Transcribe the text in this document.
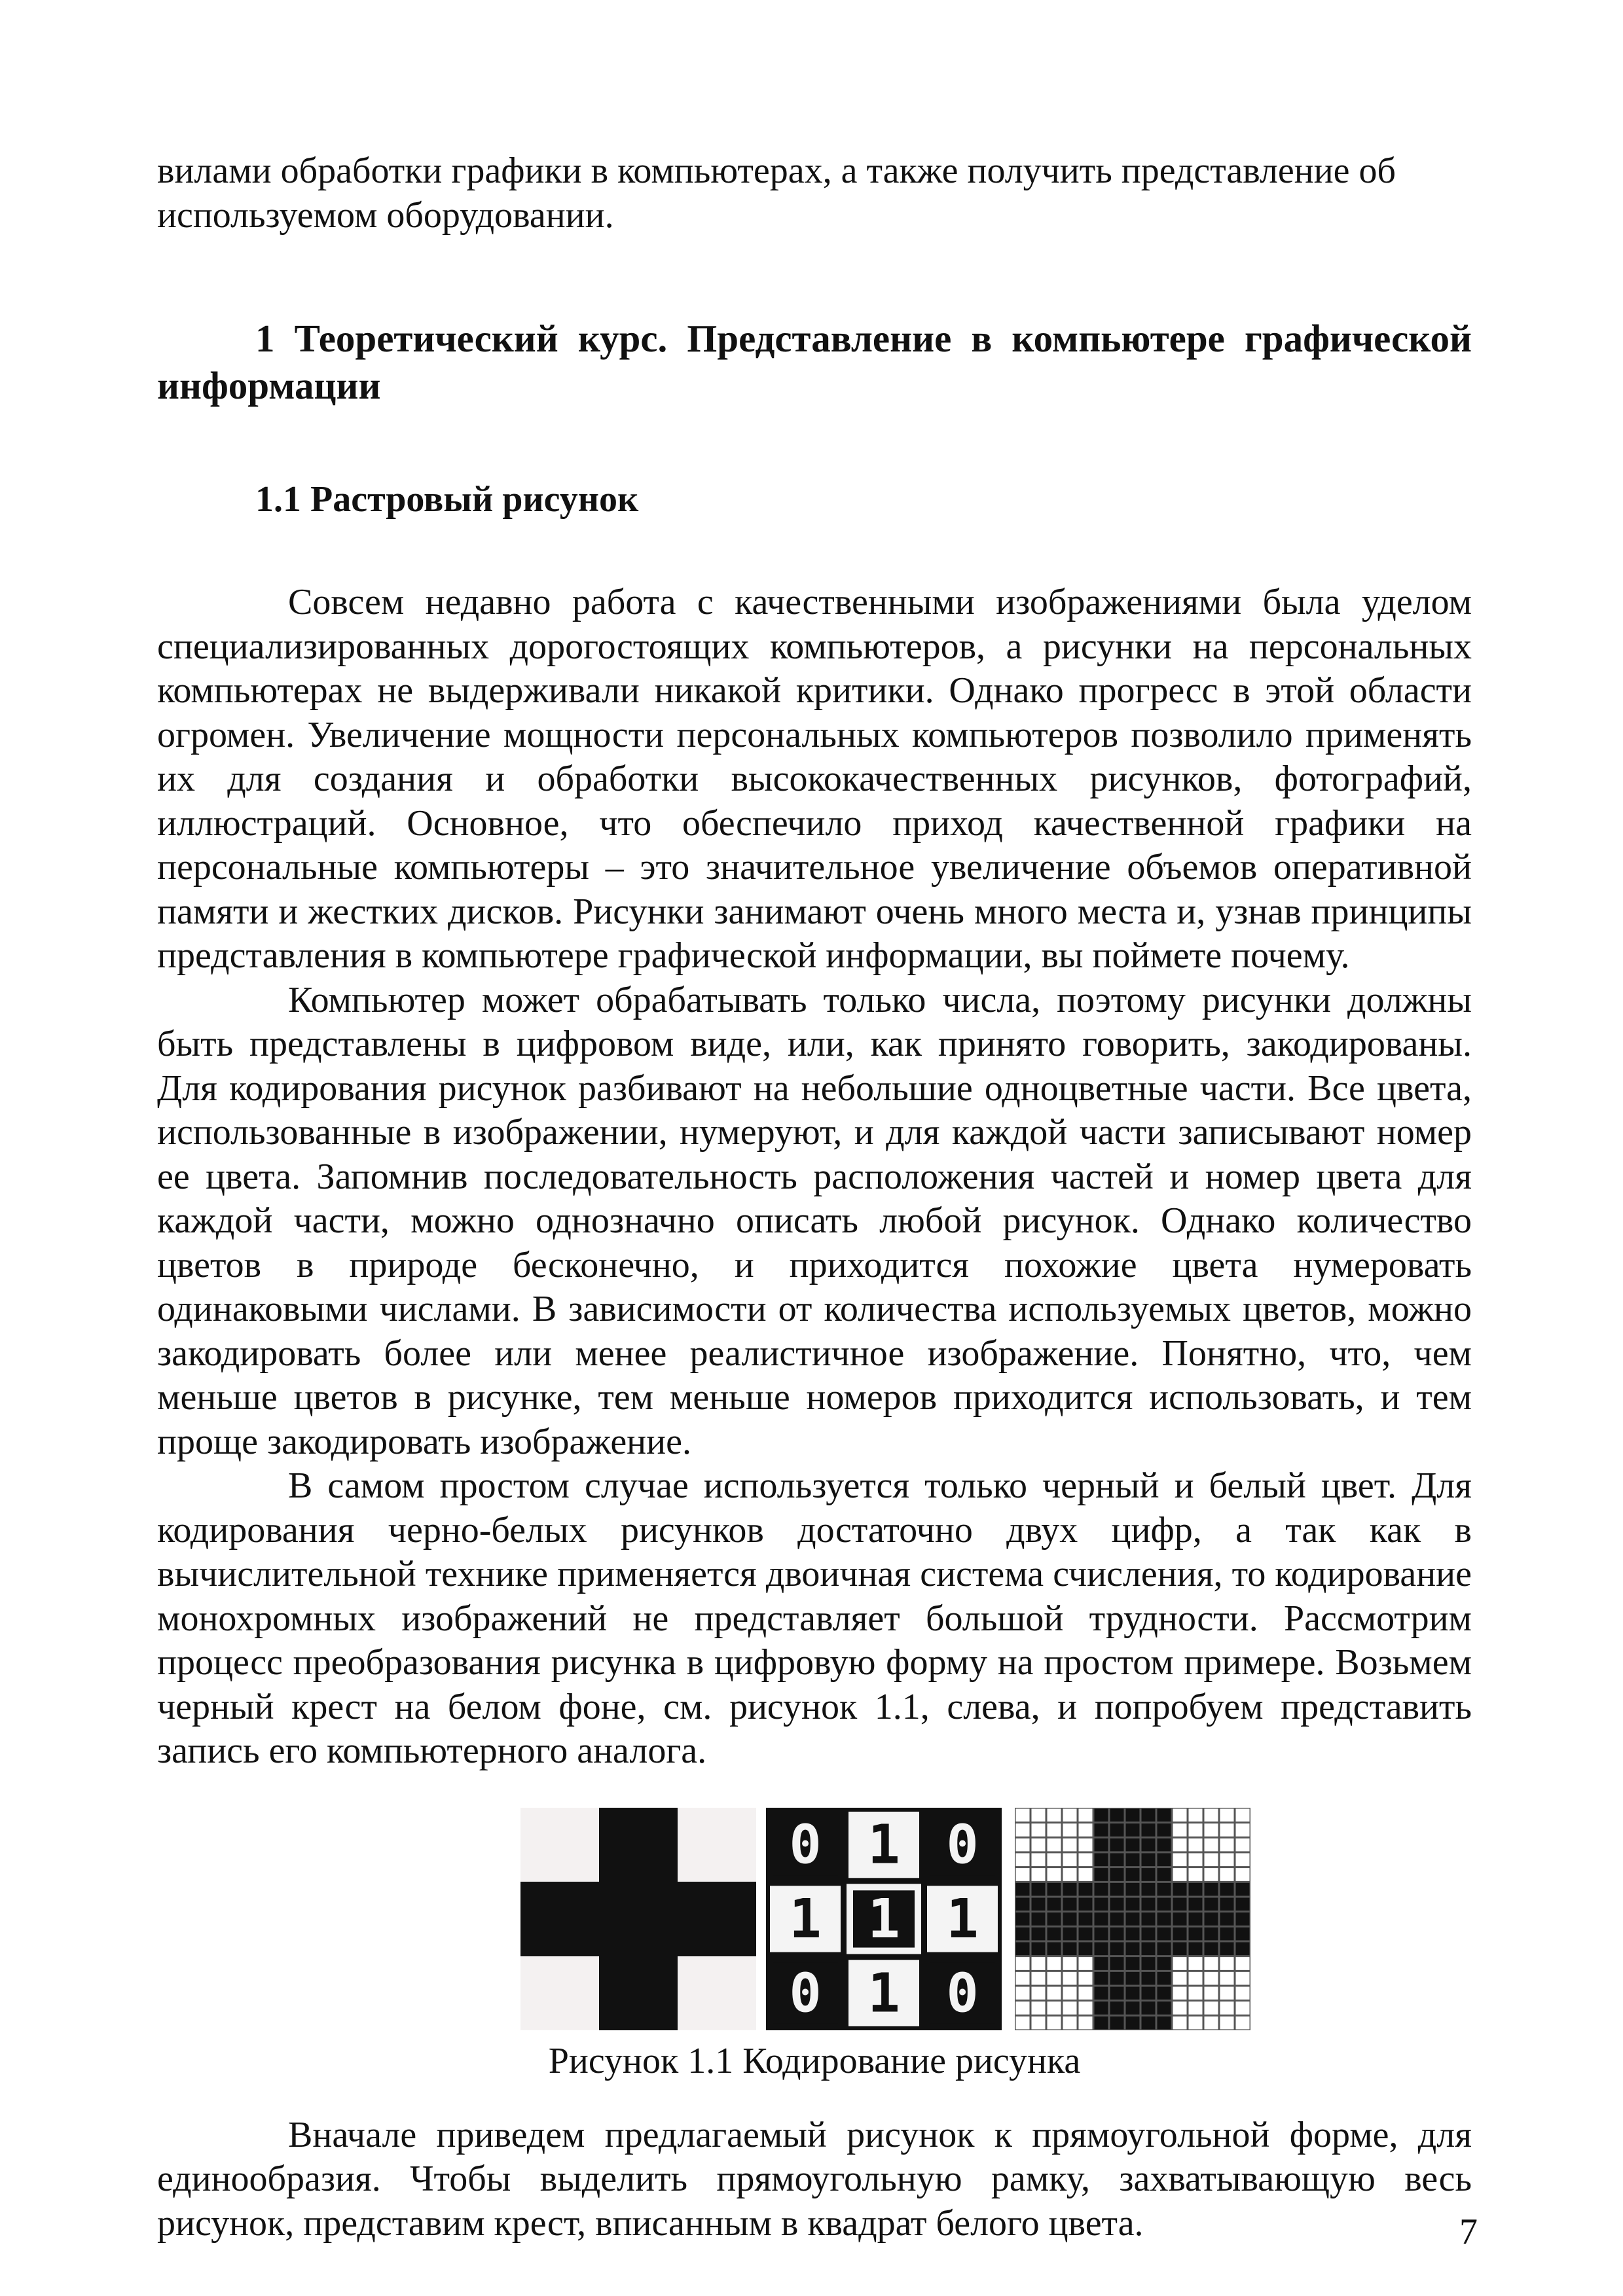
вилами обработки графики в компьютерах, а также получить представление об используемом оборудовании.

1 Теоретический курс. Представление в компьютере графической информации
1.1 Растровый рисунок

Совсем недавно работа с качественными изображениями была уделом специализированных дорогостоящих компьютеров, а рисунки на персональных компьютерах не выдерживали никакой критики. Однако прогресс в этой области огромен. Увеличение мощности персональных компьютеров позволило применять их для создания и обработки высококачественных рисунков, фотографий, иллюстраций. Основное, что обеспечило приход качественной графики на персональные компьютеры – это значительное увеличение объемов оперативной памяти и жестких дисков. Рисунки занимают очень много места и, узнав принципы представления в компьютере графической информации, вы поймете почему.

Компьютер может обрабатывать только числа, поэтому рисунки должны быть представлены в цифровом виде, или, как принято говорить, закодированы. Для кодирования рисунок разбивают на небольшие одноцветные части. Все цвета, использованные в изображении, нумеруют, и для каждой части записывают номер ее цвета. Запомнив последовательность расположения частей и номер цвета для каждой части, можно однозначно описать любой рисунок. Однако количество цветов в природе бесконечно, и приходится похожие цвета нумеровать одинаковыми числами. В зависимости от количества используемых цветов, можно закодировать более или менее реалистичное изображение. Понятно, что, чем меньше цветов в рисунке, тем меньше номеров приходится использовать, и тем проще закодировать изображение.

В самом простом случае используется только черный и белый цвет. Для кодирования черно-белых рисунков достаточно двух цифр, а так как в вычислительной технике применяется двоичная система счисления, то кодирование монохромных изображений не представляет большой трудности. Рассмотрим процесс преобразования рисунка в цифровую форму на простом примере. Возьмем черный крест на белом фоне, см. рисунок 1.1, слева, и попробуем представить запись его компьютерного аналога.

0 1 0
1 1 1
0 1 0
Рисунок 1.1 Кодирование рисунка

Вначале приведем предлагаемый рисунок к прямоугольной форме, для единообразия. Чтобы выделить прямоугольную рамку, захватывающую весь рисунок, представим крест, вписанным в квадрат белого цвета.	7
